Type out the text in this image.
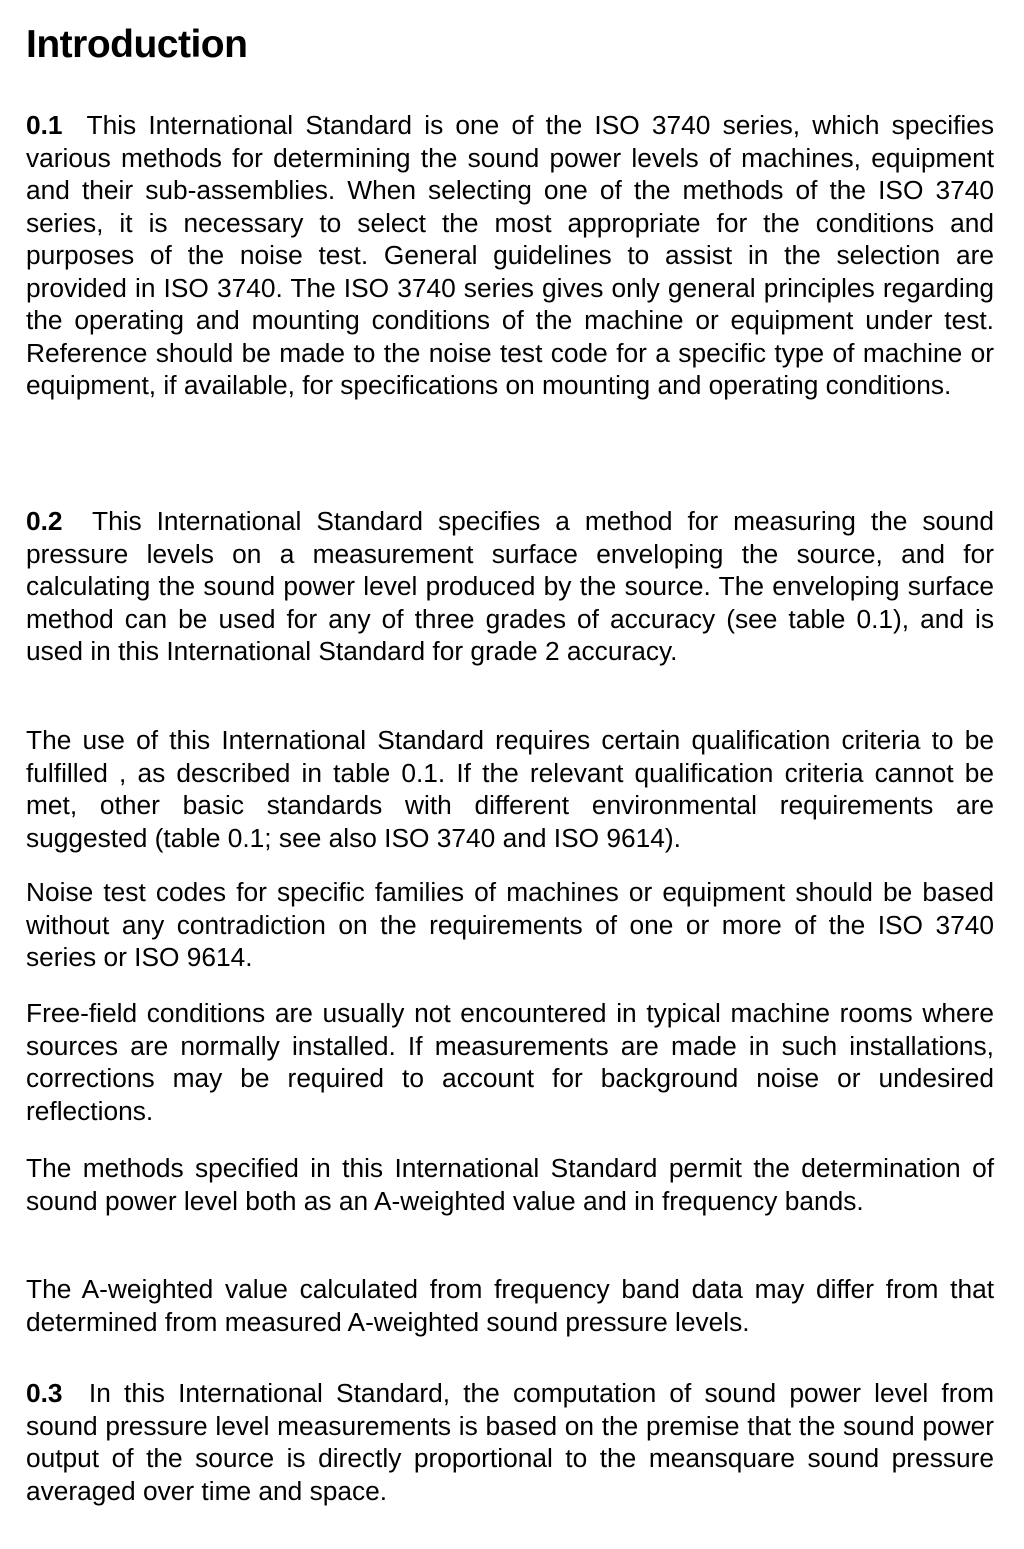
Introduction

0.1 This International Standard is one of the ISO 3740 series, which specifies various methods for determining the sound power levels of machines, equipment and their sub-assemblies. When selecting one of the methods of the ISO 3740 series, it is necessary to select the most appropriate for the conditions and purposes of the noise test. General guidelines to assist in the selection are provided in ISO 3740. The ISO 3740 series gives only general principles regarding the operating and mounting conditions of the machine or equipment under test. Reference should be made to the noise test code for a specific type of machine or equipment, if available, for specifications on mounting and operating conditions.

0.2 This International Standard specifies a method for measuring the sound pressure levels on a measurement surface enveloping the source, and for calculating the sound power level produced by the source. The enveloping surface method can be used for any of three grades of accuracy (see table 0.1), and is used in this International Standard for grade 2 accuracy.

The use of this International Standard requires certain qualification criteria to be fulfilled , as described in table 0.1. If the relevant qualification criteria cannot be met, other basic standards with different environmental requirements are suggested (table 0.1; see also ISO 3740 and ISO 9614).

Noise test codes for specific families of machines or equipment should be based without any contradiction on the requirements of one or more of the ISO 3740 series or ISO 9614.

Free-field conditions are usually not encountered in typical machine rooms where sources are normally installed. If measurements are made in such installations, corrections may be required to account for background noise or undesired reflections.

The methods specified in this International Standard permit the determination of sound power level both as an A-weighted value and in frequency bands.

The A-weighted value calculated from frequency band data may differ from that determined from measured A-weighted sound pressure levels.

0.3 In this International Standard, the computation of sound power level from sound pressure level measurements is based on the premise that the sound power output of the source is directly proportional to the meansquare sound pressure averaged over time and space.
